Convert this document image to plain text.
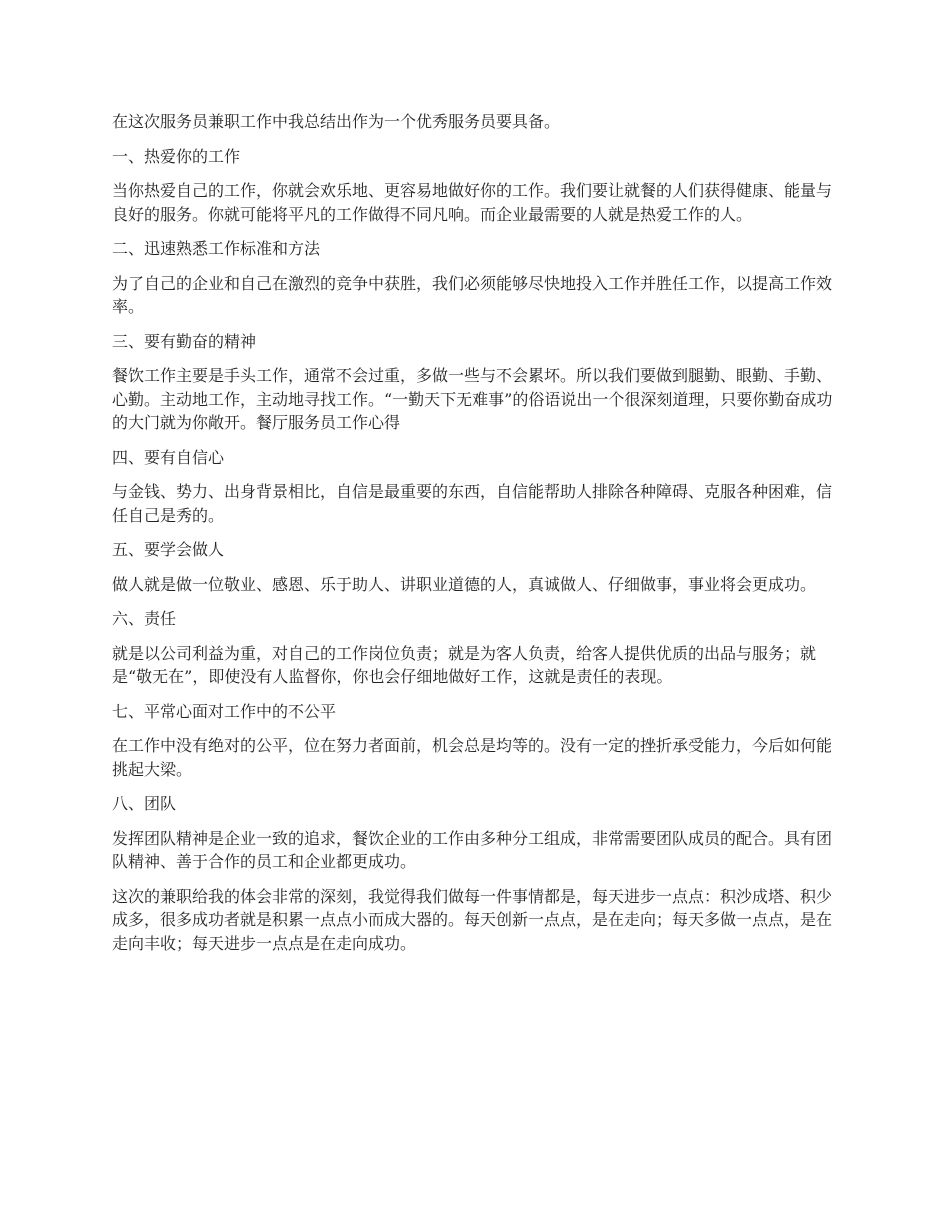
在这次服务员兼职工作中我总结出作为一个优秀服务员要具备。

一、热爱你的工作

当你热爱自己的工作，你就会欢乐地、更容易地做好你的工作。我们要让就餐的人们获得健康、能量与良好的服务。你就可能将平凡的工作做得不同凡响。而企业最需要的人就是热爱工作的人。

二、迅速熟悉工作标准和方法

为了自己的企业和自己在激烈的竞争中获胜，我们必须能够尽快地投入工作并胜任工作，以提高工作效率。

三、要有勤奋的精神

餐饮工作主要是手头工作，通常不会过重，多做一些与不会累坏。所以我们要做到腿勤、眼勤、手勤、心勤。主动地工作，主动地寻找工作。“一勤天下无难事”的俗语说出一个很深刻道理，只要你勤奋成功的大门就为你敞开。餐厅服务员工作心得

四、要有自信心

与金钱、势力、出身背景相比，自信是最重要的东西，自信能帮助人排除各种障碍、克服各种困难，信任自己是秀的。

五、要学会做人

做人就是做一位敬业、感恩、乐于助人、讲职业道德的人，真诚做人、仔细做事，事业将会更成功。

六、责任

就是以公司利益为重，对自己的工作岗位负责；就是为客人负责，给客人提供优质的出品与服务；就是“敬无在”，即使没有人监督你，你也会仔细地做好工作，这就是责任的表现。

七、平常心面对工作中的不公平

在工作中没有绝对的公平，位在努力者面前，机会总是均等的。没有一定的挫折承受能力，今后如何能挑起大梁。

八、团队

发挥团队精神是企业一致的追求，餐饮企业的工作由多种分工组成，非常需要团队成员的配合。具有团队精神、善于合作的员工和企业都更成功。

这次的兼职给我的体会非常的深刻，我觉得我们做每一件事情都是，每天进步一点点：积沙成塔、积少成多，很多成功者就是积累一点点小而成大器的。每天创新一点点，是在走向；每天多做一点点，是在走向丰收；每天进步一点点是在走向成功。
